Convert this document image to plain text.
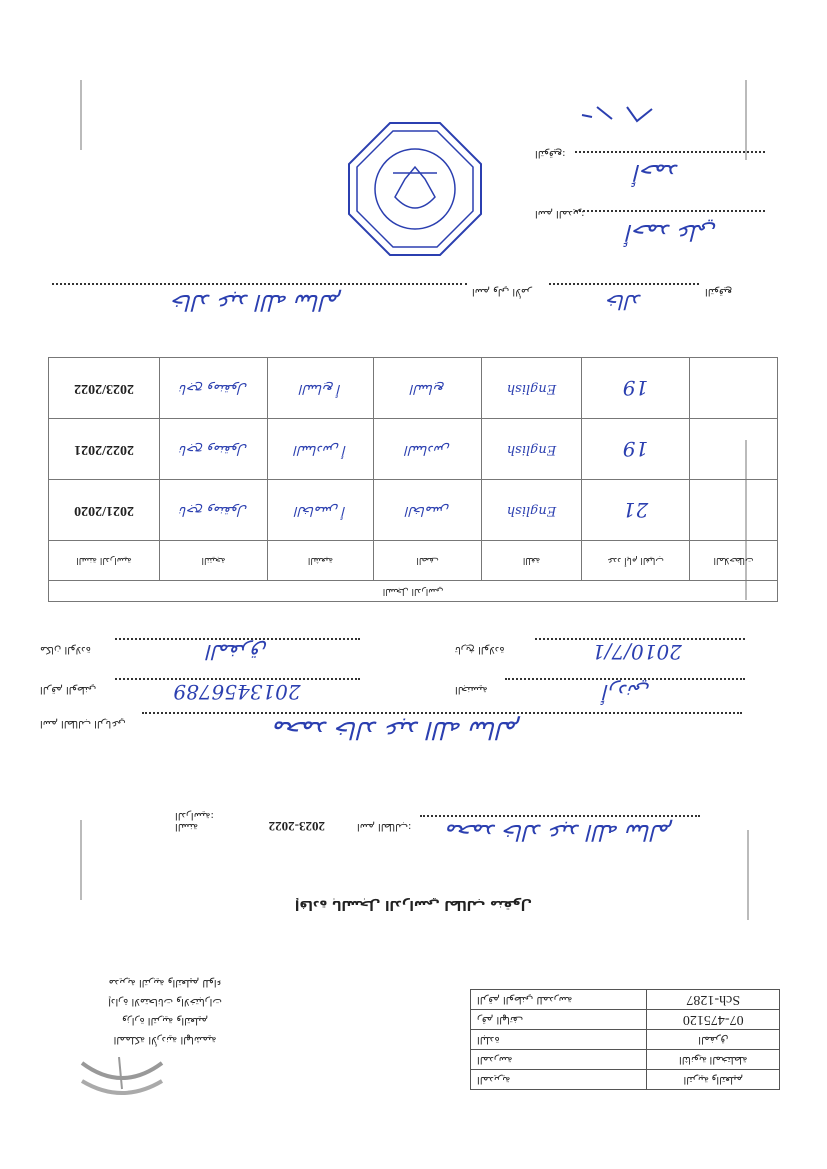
التربية والتعليم	المديرية
الثانوية المختلطة	المدرسة
المفرق	البلدة
07-475120	رقم الهاتف
Sch-1287	الرقم الوطني للمدرسة
المملكة الأردنية الهاشمية
وزارة التربية والتعليم
إدارة الامتحانات والاختبارات
مديرية التربية والتعليم للواء
إفادة بالسجل الدراسي لطالب منقول
السنة الدراسية:
2023-2022	اسم الطالب:	محمد خالد عبد الله سالم
اسم الطالب الرباعي	محمد خالد عبد الله سالم
الرقم الوطني	2013456789	الجنسية	أردني
مكان الولادة	المفرق	تاريخ الولادة	2010/7/1
السجل الدراسي						
السنة الدراسية	النتيجة	الشعبة	الصف	اللغة	عدد أيام الغياب	الملاحظات
2021/2020	ناجح ومنقول	الخامس أ	الخامس	English	21	
2022/2021	ناجح ومنقول	السادس أ	السادس	English	19	
2023/2022	ناجح ومنقول	السابع أ	السابع	English	19	
خالد عبد الله سالم	اسم ولي الأمر	خالد	التوقيع
اسم المدير:
أحمد علي
التوقيع:
أحمد
